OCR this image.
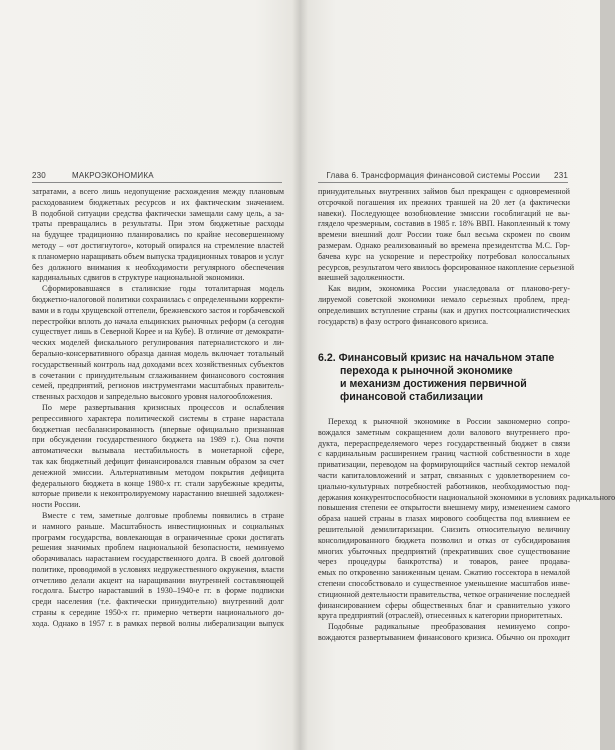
230	МАКРОЭКОНОМИКА
затратами, а всего лишь недопущение расхождения между плановым
расходованием бюджетных ресурсов и их фактическим значением.
В подобной ситуации средства фактически замещали саму цель, а за-
траты превращались в результаты. При этом бюджетные расходы
на будущее традиционно планировались по крайне несовершенному
методу – «от достигнутого», который опирался на стремление властей
к планомерно наращивать объем выпуска традиционных товаров и услуг
без должного внимания к необходимости регулярного обеспечения
кардинальных сдвигов в структуре национальной экономики.
Сформировавшаяся в сталинские годы тоталитарная модель
бюджетно-налоговой политики сохранилась с определенными корректи-
вами и в годы хрущевской оттепели, брежневского застоя и горбачевской
перестройки вплоть до начала ельцинских рыночных реформ (а сегодня
существует лишь в Северной Корее и на Кубе). В отличие от демократи-
ческих моделей фискального регулирования патерналистского и ли-
берально-консервативного образца данная модель включает тотальный
государственный контроль над доходами всех хозяйственных субъектов
в сочетании с принудительным сглаживанием финансового состояния
семей, предприятий, регионов инструментами масштабных правитель-
ственных расходов и запредельно высокого уровня налогообложения.
По мере развертывания кризисных процессов и ослабления
репрессивного характера политической системы в стране нарастала
бюджетная несбалансированность (впервые официально признанная
при обсуждении государственного бюджета на 1989 г.). Она почти
автоматически вызывала нестабильность в монетарной сфере,
так как бюджетный дефицит финансировался главным образом за счет
денежной эмиссии. Альтернативным методом покрытия дефицита
федерального бюджета в конце 1980-х гг. стали зарубежные кредиты,
которые привели к неконтролируемому нарастанию внешней задолжен-
ности России.
Вместе с тем, заметные долговые проблемы появились в стране
и намного раньше. Масштабность инвестиционных и социальных
программ государства, вовлекающая в ограниченные сроки достигать
решения значимых проблем национальной безопасности, неминуемо
оборачивалась нарастанием государственного долга. В своей долговой
политике, проводимой в условиях недружественного окружения, власти
отчетливо делали акцент на наращивании внутренней составляющей
госдолга. Быстро нараставший в 1930–1940-е гг. в форме подписки
среди населения (т.е. фактически принудительно) внутренний долг
страны к середине 1950-х гг. примерно четверти национального до-
хода. Однако в 1957 г. в рамках первой волны либерализации выпуск
Глава 6. Трансформация финансовой системы России 231
принудительных внутренних займов был прекращен с одновременной
отсрочкой погашения их прежних траншей на 20 лет (а фактически
навеки). Последующее возобновление эмиссии гособлигаций не вы-
глядело чрезмерным, составив в 1985 г. 18% ВВП. Накопленный к тому
времени внешний долг России тоже был весьма скромен по своим
размерам. Однако реализованный во времена президентства М.С. Гор-
бачева курс на ускорение и перестройку потребовал колоссальных
ресурсов, результатом чего явилось форсированное накопление серьезной
внешней задолженности.
Как видим, экономика России унаследовала от планово-регу-
лируемой советской экономики немало серьезных проблем, пред-
определивших вступление страны (как и других постсоциалистических
государств) в фазу острого финансового кризиса.
6.2. Финансовый кризис на начальном этапе
перехода к рыночной экономике
и механизм достижения первичной
финансовой стабилизации
Переход к рыночной экономике в России закономерно сопро-
вождался заметным сокращением доли валового внутреннего про-
дукта, перераспределяемого через государственный бюджет в связи
с кардинальным расширением границ частной собственности в ходе
приватизации, переводом на формирующийся частный сектор немалой
части капиталовложений и затрат, связанных с удовлетворением со-
циально-культурных потребностей работников, необходимостью под-
держания конкурентоспособности национальной экономики в условиях радикального
повышения степени ее открытости внешнему миру, изменением самого
образа нашей страны в глазах мирового сообщества под влиянием ее
решительной демилитаризации. Снизить относительную величину
консолидированного бюджета позволил и отказ от субсидирования
многих убыточных предприятий (прекративших свое существование
через процедуры банкротства) и товаров, ранее продава-
емых по откровенно заниженным ценам. Сжатию госсектора в немалой
степени способствовало и существенное уменьшение масштабов инве-
стиционной деятельности правительства, четкое ограничение последней
финансированием сферы общественных благ и сравнительно узкого
круга предприятий (отраслей), отнесенных к категории приоритетных.
Подобные радикальные преобразования неминуемо сопро-
вождаются развертыванием финансового кризиса. Обычно он проходит
